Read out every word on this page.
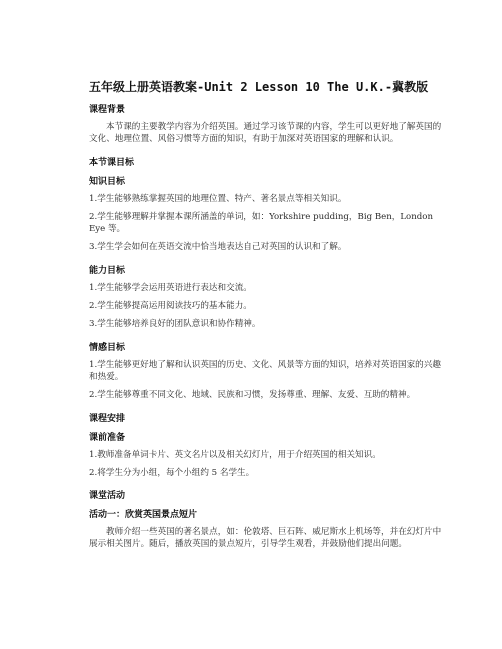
五年级上册英语教案-Unit 2 Lesson 10 The U.K.-冀教版
课程背景

本节课的主要教学内容为介绍英国。通过学习该节课的内容，学生可以更好地了解英国的文化、地理位置、风俗习惯等方面的知识，有助于加深对英语国家的理解和认识。

本节课目标
知识目标

1.学生能够熟练掌握英国的地理位置、特产、著名景点等相关知识。

2.学生能够理解并掌握本课所涵盖的单词，如：Yorkshire pudding，Big Ben，London Eye 等。

3.学生学会如何在英语交流中恰当地表达自己对英国的认识和了解。

能力目标

1.学生能够学会运用英语进行表达和交流。

2.学生能够提高运用阅读技巧的基本能力。

3.学生能够培养良好的团队意识和协作精神。

情感目标

1.学生能够更好地了解和认识英国的历史、文化、风景等方面的知识，培养对英语国家的兴趣和热爱。

2.学生能够尊重不同文化、地域、民族和习惯，发扬尊重、理解、友爱、互助的精神。

课程安排
课前准备

1.教师准备单词卡片、英文名片以及相关幻灯片，用于介绍英国的相关知识。

2.将学生分为小组，每个小组约 5 名学生。

课堂活动
活动一：欣赏英国景点短片

教师介绍一些英国的著名景点，如：伦敦塔、巨石阵、威尼斯水上机场等，并在幻灯片中展示相关图片。随后，播放英国的景点短片，引导学生观看，并鼓励他们提出问题。
